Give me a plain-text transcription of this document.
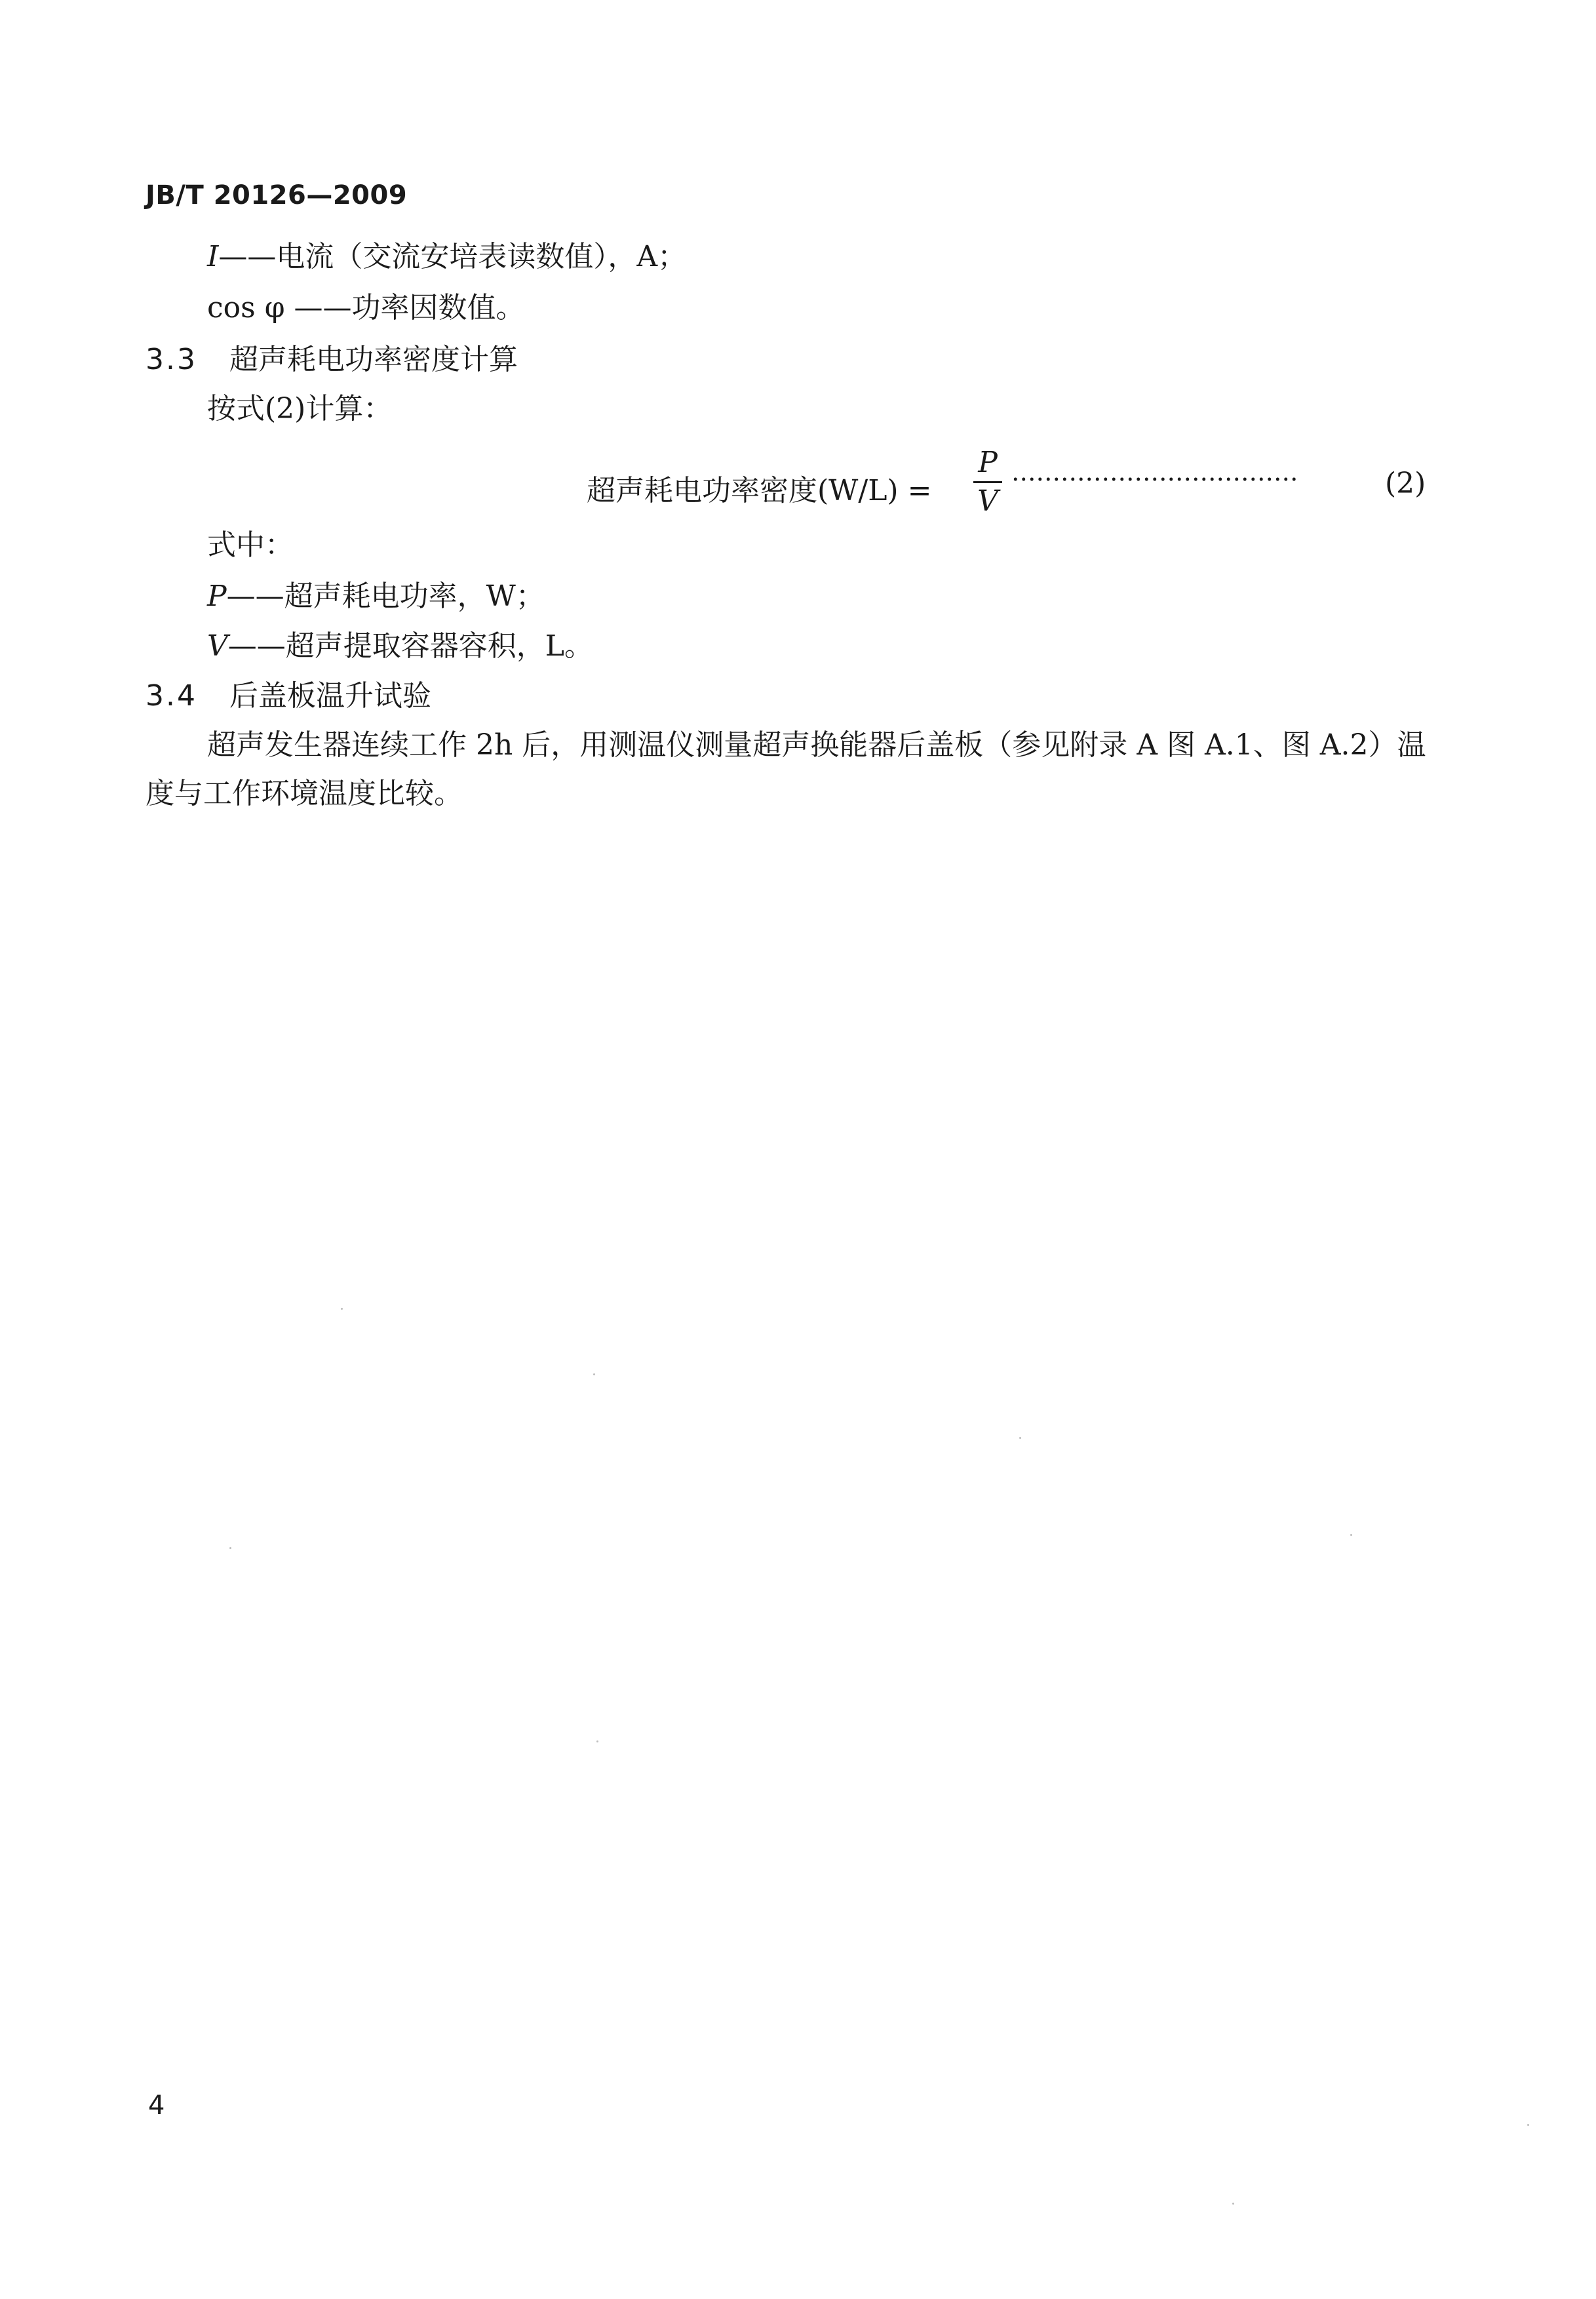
JB/T 20126—2009
I——电流（交流安培表读数值），A；
cos φ ——功率因数值。
3.3 超声耗电功率密度计算
按式(2)计算：
超声耗电功率密度(W/L) =
P
V
(2)
式中：
P——超声耗电功率，W；
V——超声提取容器容积，L。
3.4 后盖板温升试验
超声发生器连续工作 2h 后，用测温仪测量超声换能器后盖板（参见附录 A 图 A.1、图 A.2）温度与工作环境温度比较。
4
